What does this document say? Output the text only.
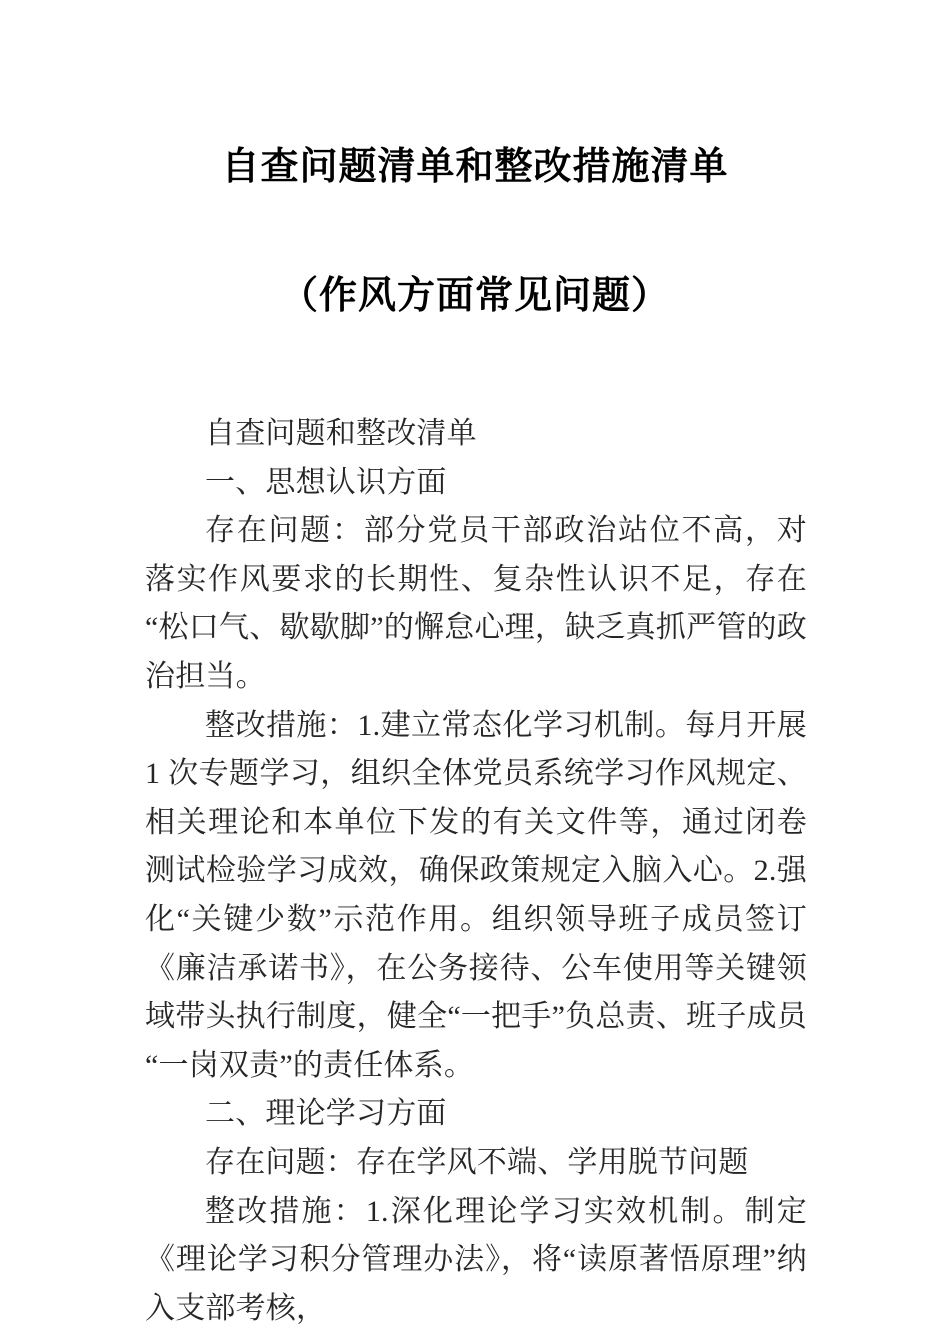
自查问题清单和整改措施清单
（作风方面常见问题）

自查问题和整改清单

一、思想认识方面

存在问题：部分党员干部政治站位不高，对落实作风要求的长期性、复杂性认识不足，存在“松口气、歇歇脚”的懈怠心理，缺乏真抓严管的政治担当。

整改措施：1.建立常态化学习机制。每月开展 1 次专题学习，组织全体党员系统学习作风规定、相关理论和本单位下发的有关文件等，通过闭卷测试检验学习成效，确保政策规定入脑入心。2.强化“关键少数”示范作用。组织领导班子成员签订《廉洁承诺书》，在公务接待、公车使用等关键领域带头执行制度，健全“一把手”负总责、班子成员“一岗双责”的责任体系。

二、理论学习方面

存在问题：存在学风不端、学用脱节问题

整改措施：1.深化理论学习实效机制。制定《理论学习积分管理办法》，将“读原著悟原理”纳入支部考核，
